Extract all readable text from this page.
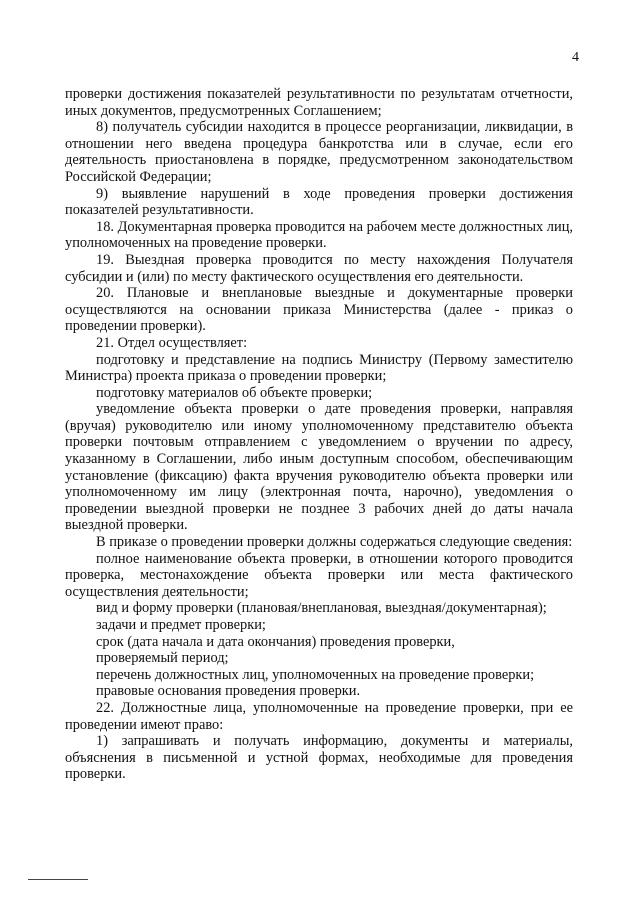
4

проверки достижения показателей результативности по результатам отчетности, иных документов, предусмотренных Соглашением;

8) получатель субсидии находится в процессе реорганизации, ликвидации, в отношении него введена процедура банкротства или в случае, если его деятельность приостановлена в порядке, предусмотренном законодательством Российской Федерации;

9) выявление нарушений в ходе проведения проверки достижения показателей результативности.

18. Документарная проверка проводится на рабочем месте должностных лиц, уполномоченных на проведение проверки.

19. Выездная проверка проводится по месту нахождения Получателя субсидии и (или) по месту фактического осуществления его деятельности.

20. Плановые и внеплановые выездные и документарные проверки осуществляются на основании приказа Министерства (далее - приказ о проведении проверки).

21. Отдел осуществляет:

подготовку и представление на подпись Министру (Первому заместителю Министра) проекта приказа о проведении проверки;

подготовку материалов об объекте проверки;

уведомление объекта проверки о дате проведения проверки, направляя (вручая) руководителю или иному уполномоченному представителю объекта проверки почтовым отправлением с уведомлением о вручении по адресу, указанному в Соглашении, либо иным доступным способом, обеспечивающим установление (фиксацию) факта вручения руководителю объекта проверки или уполномоченному им лицу (электронная почта, нарочно), уведомления о проведении выездной проверки не позднее 3 рабочих дней до даты начала выездной проверки.

В приказе о проведении проверки должны содержаться следующие сведения:

полное наименование объекта проверки, в отношении которого проводится проверка, местонахождение объекта проверки или места фактического осуществления деятельности;

вид и форму проверки (плановая/внеплановая, выездная/документарная);

задачи и предмет проверки;

срок (дата начала и дата окончания) проведения проверки,

проверяемый период;

перечень должностных лиц, уполномоченных на проведение проверки;

правовые основания проведения проверки.

22. Должностные лица, уполномоченные на проведение проверки, при ее проведении имеют право:

1) запрашивать и получать информацию, документы и материалы, объяснения в письменной и устной формах, необходимые для проведения проверки.
